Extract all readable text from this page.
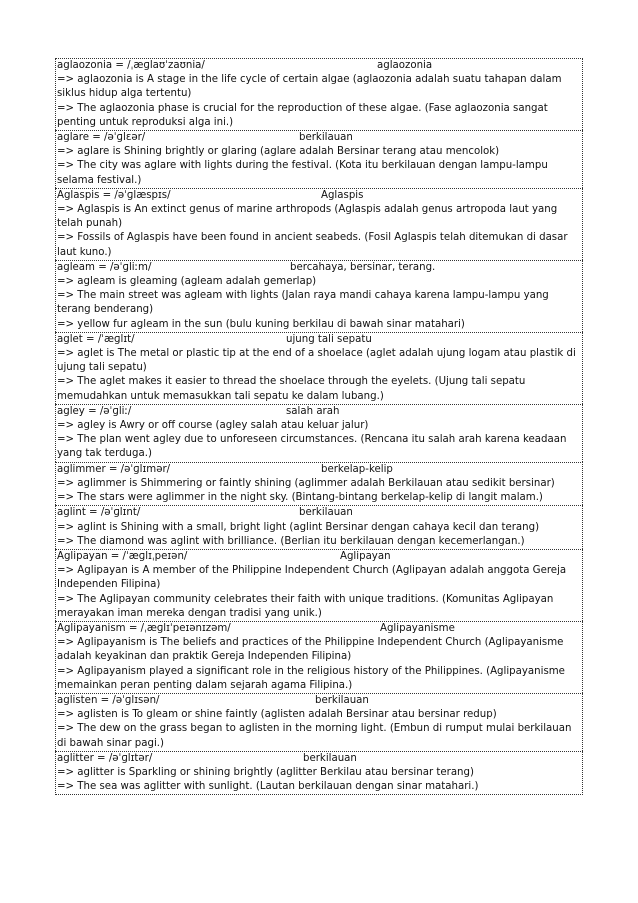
aglaozonia = /ˌæɡlaʊˈzaʊnia/	aglaozonia
=> aglaozonia is A stage in the life cycle of certain algae (aglaozonia adalah suatu tahapan dalam siklus hidup alga tertentu)
=> The aglaozonia phase is crucial for the reproduction of these algae. (Fase aglaozonia sangat penting untuk reproduksi alga ini.)
aglare = /əˈɡlɛər/	berkilauan
=> aglare is Shining brightly or glaring (aglare adalah Bersinar terang atau mencolok)
=> The city was aglare with lights during the festival. (Kota itu berkilauan dengan lampu-lampu selama festival.)
Aglaspis = /əˈɡlæspɪs/	Aglaspis
=> Aglaspis is An extinct genus of marine arthropods (Aglaspis adalah genus artropoda laut yang telah punah)
=> Fossils of Aglaspis have been found in ancient seabeds. (Fosil Aglaspis telah ditemukan di dasar laut kuno.)
agleam = /əˈɡliːm/	bercahaya, bersinar, terang.
=> agleam is gleaming (agleam adalah gemerlap)
=> The main street was agleam with lights (Jalan raya mandi cahaya karena lampu-lampu yang terang benderang)
=> yellow fur agleam in the sun (bulu kuning berkilau di bawah sinar matahari)
aglet = /ˈæɡlɪt/	ujung tali sepatu
=> aglet is The metal or plastic tip at the end of a shoelace (aglet adalah ujung logam atau plastik di ujung tali sepatu)
=> The aglet makes it easier to thread the shoelace through the eyelets. (Ujung tali sepatu memudahkan untuk memasukkan tali sepatu ke dalam lubang.)
agley = /əˈɡliː/	salah arah
=> agley is Awry or off course (agley salah atau keluar jalur)
=> The plan went agley due to unforeseen circumstances. (Rencana itu salah arah karena keadaan yang tak terduga.)
aglimmer = /əˈɡlɪmər/	berkelap-kelip
=> aglimmer is Shimmering or faintly shining (aglimmer adalah Berkilauan atau sedikit bersinar)
=> The stars were aglimmer in the night sky. (Bintang-bintang berkelap-kelip di langit malam.)
aglint = /əˈɡlɪnt/	berkilauan
=> aglint is Shining with a small, bright light (aglint Bersinar dengan cahaya kecil dan terang)
=> The diamond was aglint with brilliance. (Berlian itu berkilauan dengan kecemerlangan.)
Aglipayan = /ˈæɡlɪˌpeɪən/	Aglipayan
=> Aglipayan is A member of the Philippine Independent Church (Aglipayan adalah anggota Gereja Independen Filipina)
=> The Aglipayan community celebrates their faith with unique traditions. (Komunitas Aglipayan merayakan iman mereka dengan tradisi yang unik.)
Aglipayanism = /ˌæɡlɪˈpeɪənɪzəm/	Aglipayanisme
=> Aglipayanism is The beliefs and practices of the Philippine Independent Church (Aglipayanisme adalah keyakinan dan praktik Gereja Independen Filipina)
=> Aglipayanism played a significant role in the religious history of the Philippines. (Aglipayanisme memainkan peran penting dalam sejarah agama Filipina.)
aglisten = /əˈɡlɪsən/	berkilauan
=> aglisten is To gleam or shine faintly (aglisten adalah Bersinar atau bersinar redup)
=> The dew on the grass began to aglisten in the morning light. (Embun di rumput mulai berkilauan di bawah sinar pagi.)
aglitter = /əˈɡlɪtər/	berkilauan
=> aglitter is Sparkling or shining brightly (aglitter Berkilau atau bersinar terang)
=> The sea was aglitter with sunlight. (Lautan berkilauan dengan sinar matahari.)
